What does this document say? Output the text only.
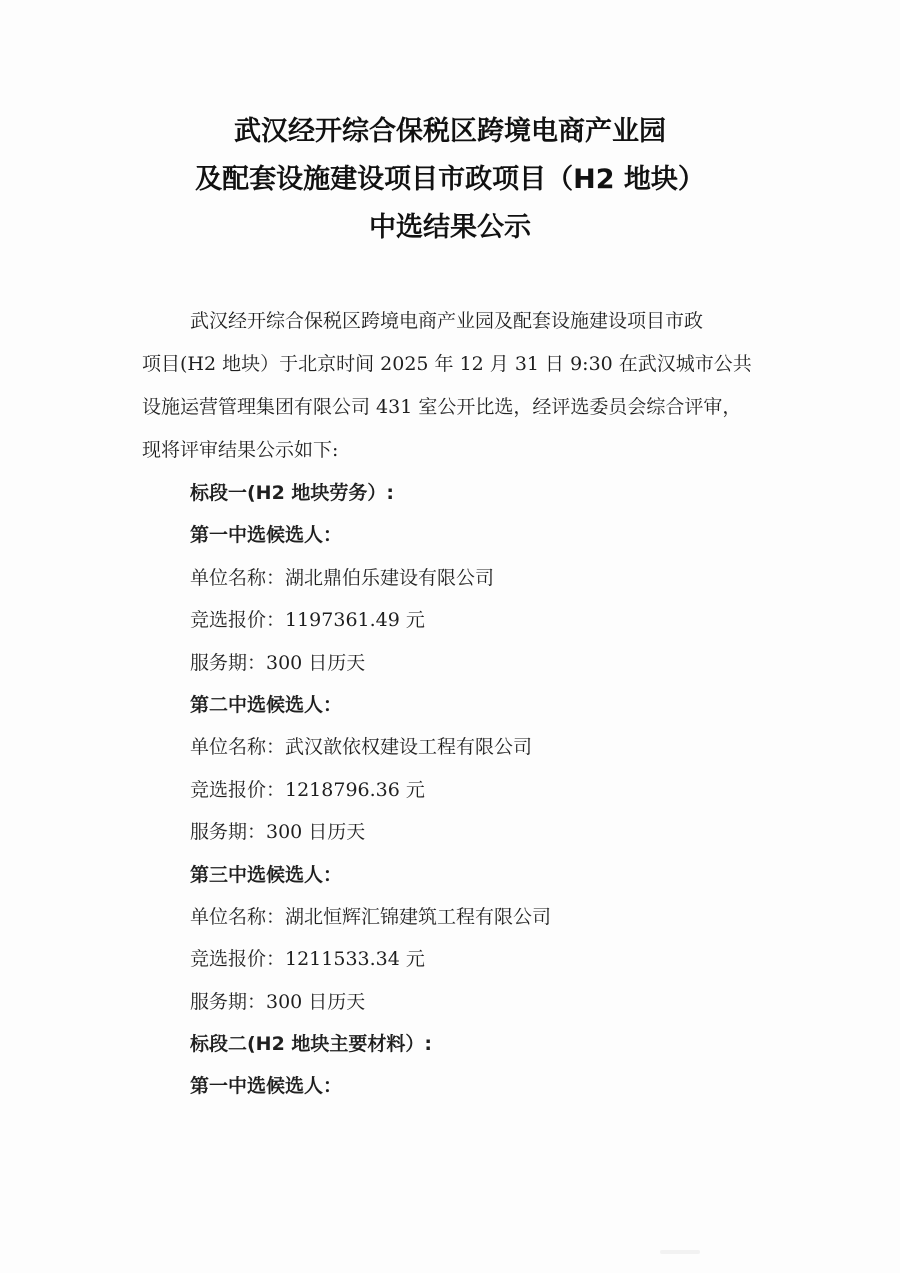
武汉经开综合保税区跨境电商产业园
及配套设施建设项目市政项目（H2 地块）
中选结果公示
武汉经开综合保税区跨境电商产业园及配套设施建设项目市政
项目(H2 地块）于北京时间 2025 年 12 月 31 日 9:30 在武汉城市公共
设施运营管理集团有限公司 431 室公开比选，经评选委员会综合评审，
现将评审结果公示如下:
标段一(H2 地块劳务）:
第一中选候选人：
单位名称：湖北鼎伯乐建设有限公司
竞选报价：1197361.49 元
服务期：300 日历天
第二中选候选人：
单位名称：武汉歆依权建设工程有限公司
竞选报价：1218796.36 元
服务期：300 日历天
第三中选候选人：
单位名称：湖北恒辉汇锦建筑工程有限公司
竞选报价：1211533.34 元
服务期：300 日历天
标段二(H2 地块主要材料）:
第一中选候选人：
